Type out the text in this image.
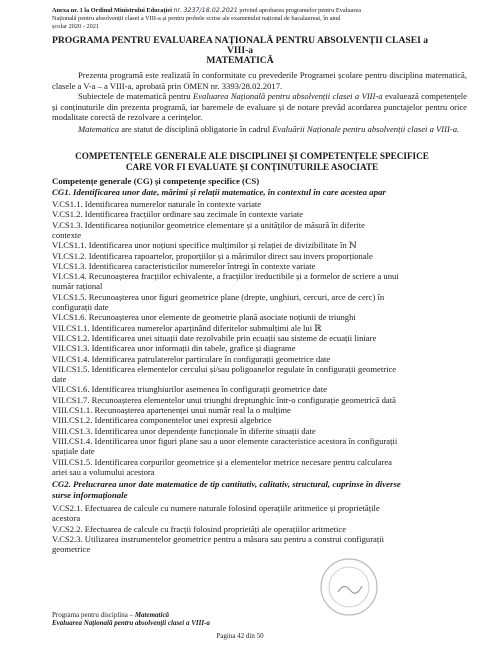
Anexa nr. 1 la Ordinul Ministrului Educației nr. 3237/18.02.2021 privind aprobarea programelor pentru Evaluarea
Națională pentru absolvenții clasei a VIII-a și pentru probele scrise ale examenului național de bacalaureat, în anul
școlar 2020 - 2021
PROGRAMA PENTRU EVALUAREA NAȚIONALĂ PENTRU ABSOLVENȚII CLASEI a
VIII-a
MATEMATICĂ
Prezenta programă este realizată în conformitate cu prevederile Programei școlare pentru disciplina matematică, clasele a V-a – a VIII-a, aprobată prin OMEN nr. 3393/28.02.2017.
Subiectele de matematică pentru Evaluarea Națională pentru absolvenții clasei a VIII-a evaluează competențele și conținuturile din prezenta programă, iar baremele de evaluare și de notare prevăd acordarea punctajelor pentru orice modalitate corectă de rezolvare a cerințelor.
Matematica are statut de disciplină obligatorie în cadrul Evaluării Naționale pentru absolvenții clasei a VIII-a.
COMPETENȚELE GENERALE ALE DISCIPLINEI ȘI COMPETENȚELE SPECIFICE
CARE VOR FI EVALUATE ȘI CONȚINUTURILE ASOCIATE
Competențe generale (CG) și competențe specifice (CS)
CG1. Identificarea unor date, mărimi și relații matematice, în contextul în care acestea apar
V.CS1.1. Identificarea numerelor naturale în contexte variate
V.CS1.2. Identificarea fracțiilor ordinare sau zecimale în contexte variate
V.CS1.3. Identificarea noțiunilor geometrice elementare și a unităților de măsură în diferite
contexte
VI.CS1.1. Identificarea unor noțiuni specifice mulțimilor și relației de divizibilitate în ℕ
VI.CS1.2. Identificarea rapoartelor, proporțiilor și a mărimilor direct sau invers proporționale
VI.CS1.3. Identificarea caracteristicilor numerelor întregi în contexte variate
VI.CS1.4. Recunoașterea fracțiilor echivalente, a fracțiilor ireductibile și a formelor de scriere a unui
număr rațional
VI.CS1.5. Recunoașterea unor figuri geometrice plane (drepte, unghiuri, cercuri, arce de cerc) în
configurații date
VI.CS1.6. Recunoașterea unor elemente de geometrie plană asociate noțiunii de triunghi
VII.CS1.1. Identificarea numerelor aparținând diferitelor submulțimi ale lui ℝ
VII.CS1.2. Identificarea unei situații date rezolvabile prin ecuații sau sisteme de ecuații liniare
VII.CS1.3. Identificarea unor informații din tabele, grafice și diagrame
VII.CS1.4. Identificarea patrulaterelor particulare în configurații geometrice date
VII.CS1.5. Identificarea elementelor cercului și/sau poligoanelor regulate în configurații geometrice
date
VII.CS1.6. Identificarea triunghiurilor asemenea în configurații geometrice date
VII.CS1.7. Recunoașterea elementelor unui triunghi dreptunghic într-o configurație geometrică dată
VIII.CS1.1. Recunoașterea apartenenței unui număr real la o mulțime
VIII.CS1.2. Identificarea componentelor unei expresii algebrice
VIII.CS1.3. Identificarea unor dependențe funcționale în diferite situații date
VIII.CS1.4. Identificarea unor figuri plane sau a unor elemente caracteristice acestora în configurații
spațiale date
VIII.CS1.5. Identificarea corpurilor geometrice și a elementelor metrice necesare pentru calcularea
ariei sau a volumului acestora
CG2. Prelucrarea unor date matematice de tip cantitativ, calitativ, structural, cuprinse în diverse
surse informaționale
V.CS2.1. Efectuarea de calcule cu numere naturale folosind operațiile aritmetice și proprietățile
acestora
V.CS2.2. Efectuarea de calcule cu fracții folosind proprietăți ale operațiilor aritmetice
V.CS2.3. Utilizarea instrumentelor geometrice pentru a măsura sau pentru a construi configurații
geometrice
Programa pentru disciplina – Matematică
Evaluarea Națională pentru absolvenții clasei a VIII-a
Pagina 42 din 50
